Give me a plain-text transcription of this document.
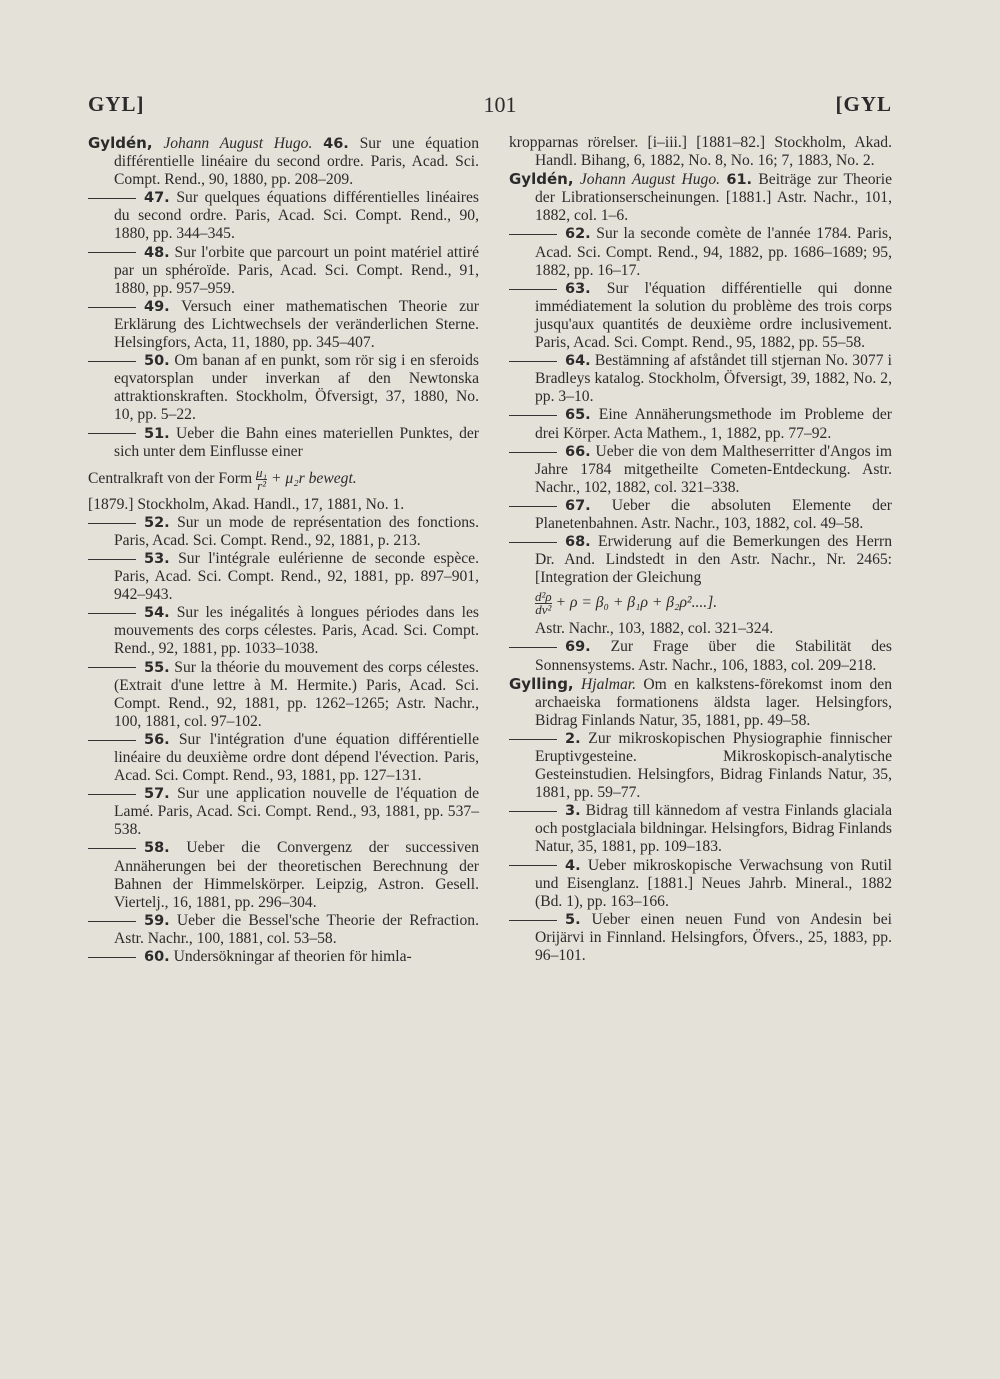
GYL]	101	[GYL

Gyldén, Johann August Hugo. 46. Sur une équation différentielle linéaire du second ordre. Paris, Acad. Sci. Compt. Rend., 90, 1880, pp. 208–209.

47. Sur quelques équations différentielles linéaires du second ordre. Paris, Acad. Sci. Compt. Rend., 90, 1880, pp. 344–345.

48. Sur l'orbite que parcourt un point matériel attiré par un sphéroïde. Paris, Acad. Sci. Compt. Rend., 91, 1880, pp. 957–959.

49. Versuch einer mathematischen Theorie zur Erklärung des Lichtwechsels der veränderlichen Sterne. Helsingfors, Acta, 11, 1880, pp. 345–407.

50. Om banan af en punkt, som rör sig i en sferoids eqvatorsplan under inverkan af den Newtonska attraktionskraften. Stockholm, Öfversigt, 37, 1880, No. 10, pp. 5–22.

51. Ueber die Bahn eines materiellen Punktes, der sich unter dem Einflusse einer

Centralkraft von der Form $\frac{\text{μ₁}}{\text{r²}} + \mu_2r$ bewegt.
[1879.] Stockholm, Akad. Handl., 17, 1881, No. 1.

52. Sur un mode de représentation des fonctions. Paris, Acad. Sci. Compt. Rend., 92, 1881, p. 213.

53. Sur l'intégrale eulérienne de seconde espèce. Paris, Acad. Sci. Compt. Rend., 92, 1881, pp. 897–901, 942–943.

54. Sur les inégalités à longues périodes dans les mouvements des corps célestes. Paris, Acad. Sci. Compt. Rend., 92, 1881, pp. 1033–1038.

55. Sur la théorie du mouvement des corps célestes. (Extrait d'une lettre à M. Hermite.) Paris, Acad. Sci. Compt. Rend., 92, 1881, pp. 1262–1265; Astr. Nachr., 100, 1881, col. 97–102.

56. Sur l'intégration d'une équation différentielle linéaire du deuxième ordre dont dépend l'évection. Paris, Acad. Sci. Compt. Rend., 93, 1881, pp. 127–131.

57. Sur une application nouvelle de l'équation de Lamé. Paris, Acad. Sci. Compt. Rend., 93, 1881, pp. 537–538.

58. Ueber die Convergenz der successiven Annäherungen bei der theoretischen Berechnung der Bahnen der Himmelskörper. Leipzig, Astron. Gesell. Viertelj., 16, 1881, pp. 296–304.

59. Ueber die Bessel'sche Theorie der Refraction. Astr. Nachr., 100, 1881, col. 53–58.

60. Undersökningar af theorien för himla-

kropparnas rörelser. [i–iii.] [1881–82.] Stockholm, Akad. Handl. Bihang, 6, 1882, No. 8, No. 16; 7, 1883, No. 2.

Gyldén, Johann August Hugo. 61. Beiträge zur Theorie der Librationserscheinungen. [1881.] Astr. Nachr., 101, 1882, col. 1–6.

62. Sur la seconde comète de l'année 1784. Paris, Acad. Sci. Compt. Rend., 94, 1882, pp. 1686–1689; 95, 1882, pp. 16–17.

63. Sur l'équation différentielle qui donne immédiatement la solution du problème des trois corps jusqu'aux quantités de deuxième ordre inclusivement. Paris, Acad. Sci. Compt. Rend., 95, 1882, pp. 55–58.

64. Bestämning af afståndet till stjernan No. 3077 i Bradleys katalog. Stockholm, Öfversigt, 39, 1882, No. 2, pp. 3–10.

65. Eine Annäherungsmethode im Probleme der drei Körper. Acta Mathem., 1, 1882, pp. 77–92.

66. Ueber die von dem Maltheserritter d'Angos im Jahre 1784 mitgetheilte Cometen-Entdeckung. Astr. Nachr., 102, 1882, col. 321–338.

67. Ueber die absoluten Elemente der Planetenbahnen. Astr. Nachr., 103, 1882, col. 49–58.

68. Erwiderung auf die Bemerkungen des Herrn Dr. And. Lindstedt in den Astr. Nachr., Nr. 2465: [Integration der Gleichung
$\frac{\text{d²ρ}}{\text{dv²}} + \rho = \beta_0 + \beta_1\rho + \beta_2\rho^2$....].
Astr. Nachr., 103, 1882, col. 321–324.

69. Zur Frage über die Stabilität des Sonnensystems. Astr. Nachr., 106, 1883, col. 209–218.

Gylling, Hjalmar. Om en kalkstens-förekomst inom den archaeiska formationens äldsta lager. Helsingfors, Bidrag Finlands Natur, 35, 1881, pp. 49–58.

2. Zur mikroskopischen Physiographie finnischer Eruptivgesteine. Mikroskopisch-analytische Gesteinstudien. Helsingfors, Bidrag Finlands Natur, 35, 1881, pp. 59–77.

3. Bidrag till kännedom af vestra Finlands glaciala och postglaciala bildningar. Helsingfors, Bidrag Finlands Natur, 35, 1881, pp. 109–183.

4. Ueber mikroskopische Verwachsung von Rutil und Eisenglanz. [1881.] Neues Jahrb. Mineral., 1882 (Bd. 1), pp. 163–166.

5. Ueber einen neuen Fund von Andesin bei Orijärvi in Finnland. Helsingfors, Öfvers., 25, 1883, pp. 96–101.
